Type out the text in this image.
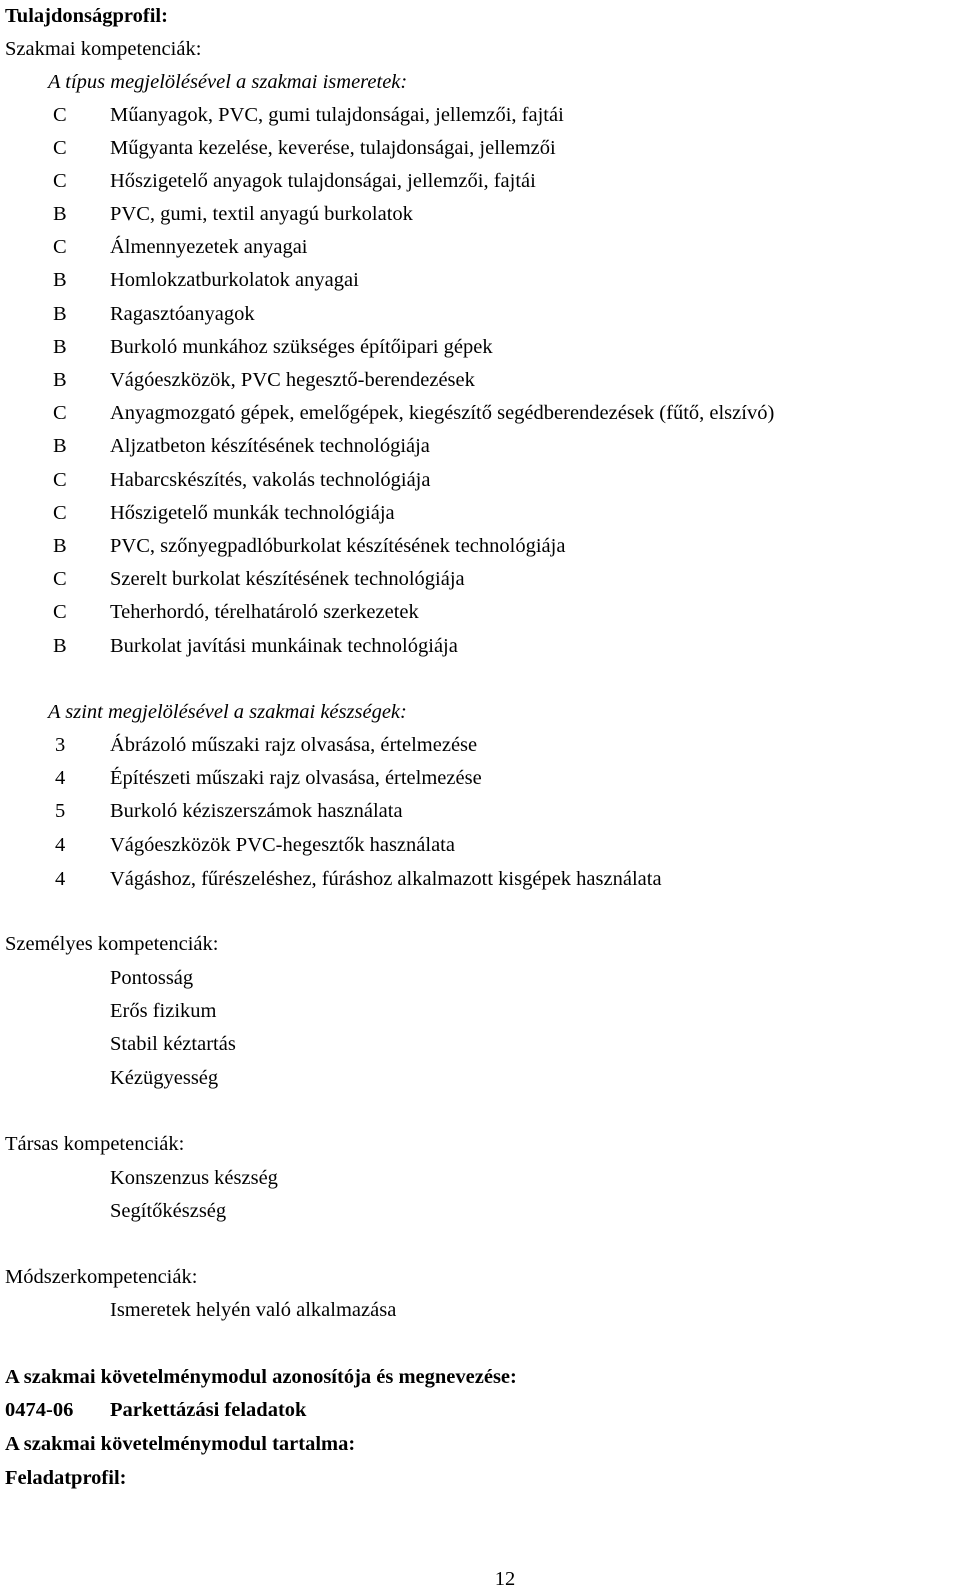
Tulajdonságprofil:
Szakmai kompetenciák:
A típus megjelölésével a szakmai ismeretek:
C	Műanyagok, PVC, gumi tulajdonságai, jellemzői, fajtái
C	Műgyanta kezelése, keverése, tulajdonságai, jellemzői
C	Hőszigetelő anyagok tulajdonságai, jellemzői, fajtái
B	PVC, gumi, textil anyagú burkolatok
C	Álmennyezetek anyagai
B	Homlokzatburkolatok anyagai
B	Ragasztóanyagok
B	Burkoló munkához szükséges építőipari gépek
B	Vágóeszközök, PVC hegesztő-berendezések
C	Anyagmozgató gépek, emelőgépek, kiegészítő segédberendezések (fűtő, elszívó)
B	Aljzatbeton készítésének technológiája
C	Habarcskészítés, vakolás technológiája
C	Hőszigetelő munkák technológiája
B	PVC, szőnyegpadlóburkolat készítésének technológiája
C	Szerelt burkolat készítésének technológiája
C	Teherhordó, térelhatároló szerkezetek
B	Burkolat javítási munkáinak technológiája
A szint megjelölésével a szakmai készségek:
3	Ábrázoló műszaki rajz olvasása, értelmezése
4	Építészeti műszaki rajz olvasása, értelmezése
5	Burkoló kéziszerszámok használata
4	Vágóeszközök PVC-hegesztők használata
4	Vágáshoz, fűrészeléshez, fúráshoz alkalmazott kisgépek használata
Személyes kompetenciák:
Pontosság
Erős fizikum
Stabil kéztartás
Kézügyesség
Társas kompetenciák:
Konszenzus készség
Segítőkészség
Módszerkompetenciák:
Ismeretek helyén való alkalmazása
A szakmai követelménymodul azonosítója és megnevezése:
0474-06 Parkettázási feladatok
A szakmai követelménymodul tartalma:
Feladatprofil:
12
